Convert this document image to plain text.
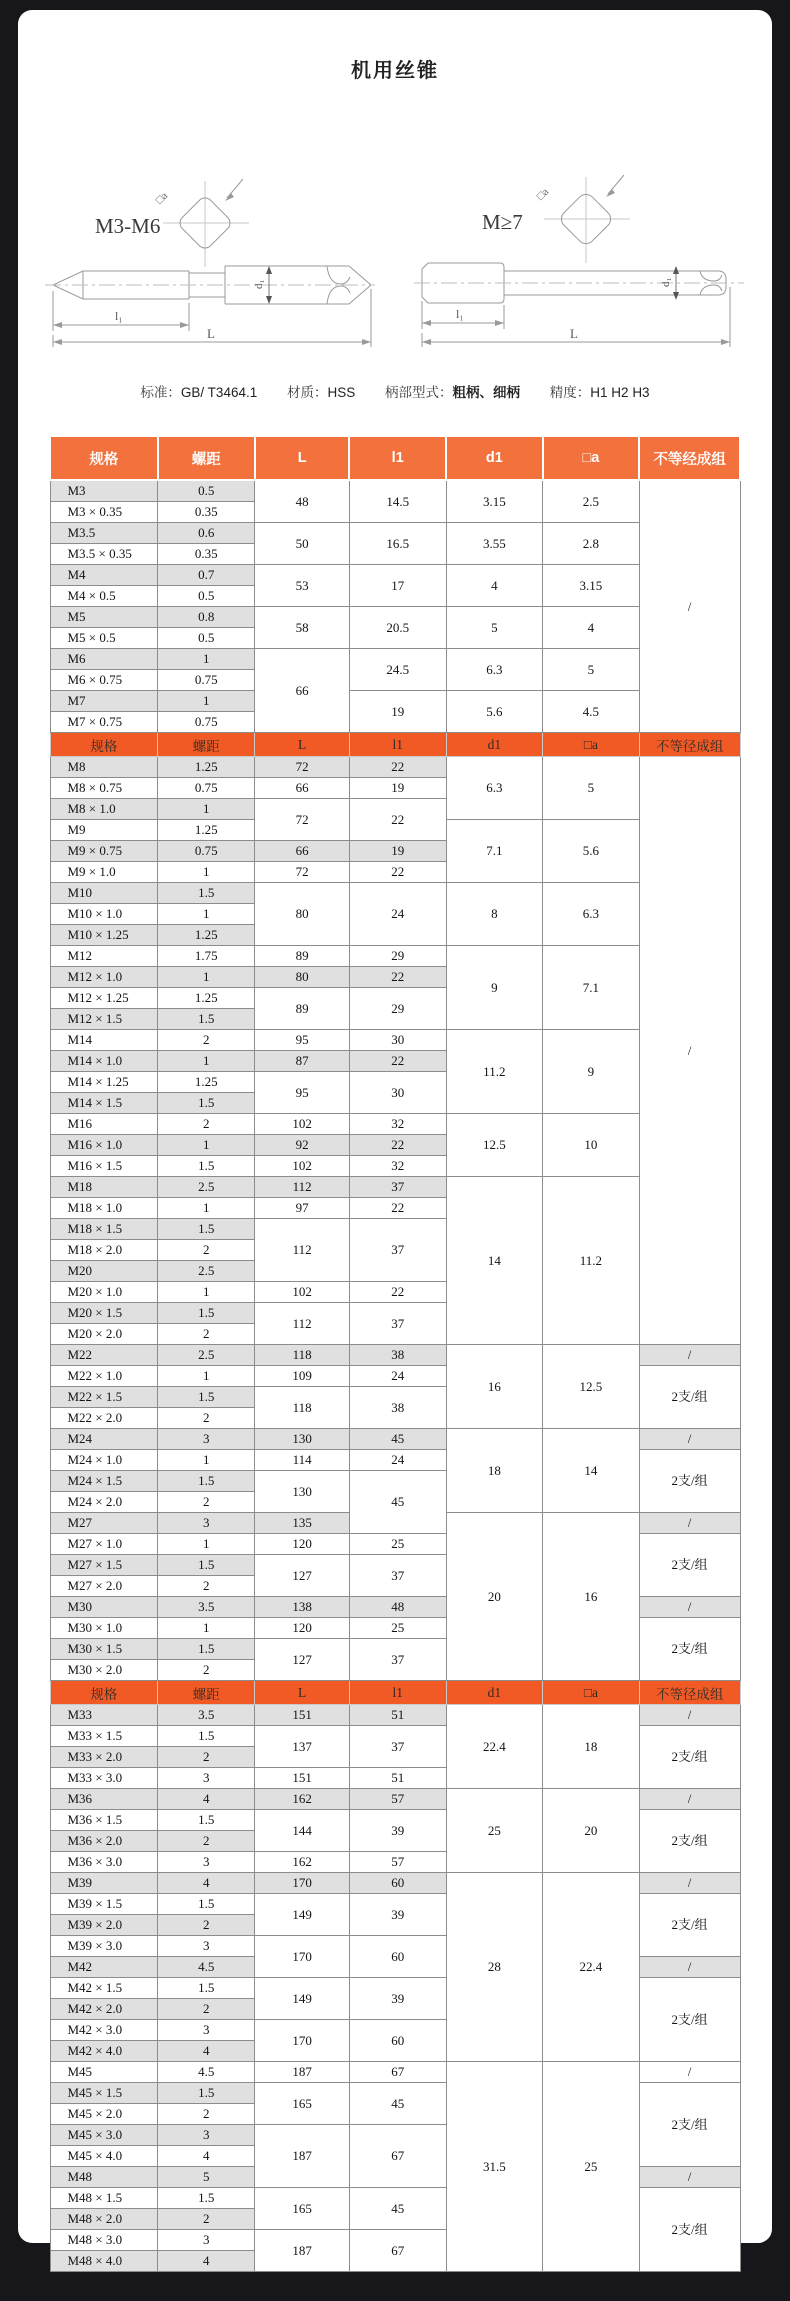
机用丝锥
□a
M3-M6
d₁
l₁
L
□a
M≥7
d₁
l₁
L
标准：GB/ T3464.1 材质：HSS 柄部型式：粗柄、细柄 精度：H1 H2 H3
规格	螺距	L	l1	d1	□a	不等经成组
M3	0.5	48	14.5	3.15	2.5	/
M3 × 0.35	0.35					
M3.5	0.6	50	16.5	3.55	2.8	
M3.5 × 0.35	0.35					
M4	0.7	53	17	4	3.15	
M4 × 0.5	0.5					
M5	0.8	58	20.5	5	4	
M5 × 0.5	0.5					
M6	1	66	24.5	6.3	5	
M6 × 0.75	0.75					
M7	1		19	5.6	4.5	
M7 × 0.75	0.75					
规格	螺距	L	l1	d1	□a	不等径成组
M8	1.25	72	22	6.3	5	/
M8 × 0.75	0.75	66	19			
M8 × 1.0	1	72	22			
M9	1.25			7.1	5.6	
M9 × 0.75	0.75	66	19			
M9 × 1.0	1	72	22			
M10	1.5	80	24	8	6.3	
M10 × 1.0	1					
M10 × 1.25	1.25					
M12	1.75	89	29	9	7.1	
M12 × 1.0	1	80	22			
M12 × 1.25	1.25	89	29			
M12 × 1.5	1.5					
M14	2	95	30	11.2	9	
M14 × 1.0	1	87	22			
M14 × 1.25	1.25	95	30			
M14 × 1.5	1.5					
M16	2	102	32	12.5	10	
M16 × 1.0	1	92	22			
M16 × 1.5	1.5	102	32			
M18	2.5	112	37	14	11.2	
M18 × 1.0	1	97	22			
M18 × 1.5	1.5	112	37			
M18 × 2.0	2					
M20	2.5					
M20 × 1.0	1	102	22			
M20 × 1.5	1.5	112	37			
M20 × 2.0	2					
M22	2.5	118	38	16	12.5	/
M22 × 1.0	1	109	24			2支/组
M22 × 1.5	1.5	118	38			
M22 × 2.0	2					
M24	3	130	45	18	14	/
M24 × 1.0	1	114	24			2支/组
M24 × 1.5	1.5	130	45			
M24 × 2.0	2					
M27	3	135		20	16	/
M27 × 1.0	1	120	25			2支/组
M27 × 1.5	1.5	127	37			
M27 × 2.0	2					
M30	3.5	138	48			/
M30 × 1.0	1	120	25			2支/组
M30 × 1.5	1.5	127	37			
M30 × 2.0	2					
规格	螺距	L	l1	d1	□a	不等径成组
M33	3.5	151	51	22.4	18	/
M33 × 1.5	1.5	137	37			2支/组
M33 × 2.0	2					
M33 × 3.0	3	151	51			
M36	4	162	57	25	20	/
M36 × 1.5	1.5	144	39			2支/组
M36 × 2.0	2					
M36 × 3.0	3	162	57			
M39	4	170	60	28	22.4	/
M39 × 1.5	1.5	149	39			2支/组
M39 × 2.0	2					
M39 × 3.0	3	170	60			
M42	4.5					/
M42 × 1.5	1.5	149	39			2支/组
M42 × 2.0	2					
M42 × 3.0	3	170	60			
M42 × 4.0	4					
M45	4.5	187	67	31.5	25	/
M45 × 1.5	1.5	165	45			2支/组
M45 × 2.0	2					
M45 × 3.0	3	187	67			
M45 × 4.0	4					
M48	5					/
M48 × 1.5	1.5	165	45			2支/组
M48 × 2.0	2					
M48 × 3.0	3	187	67			
M48 × 4.0	4					
